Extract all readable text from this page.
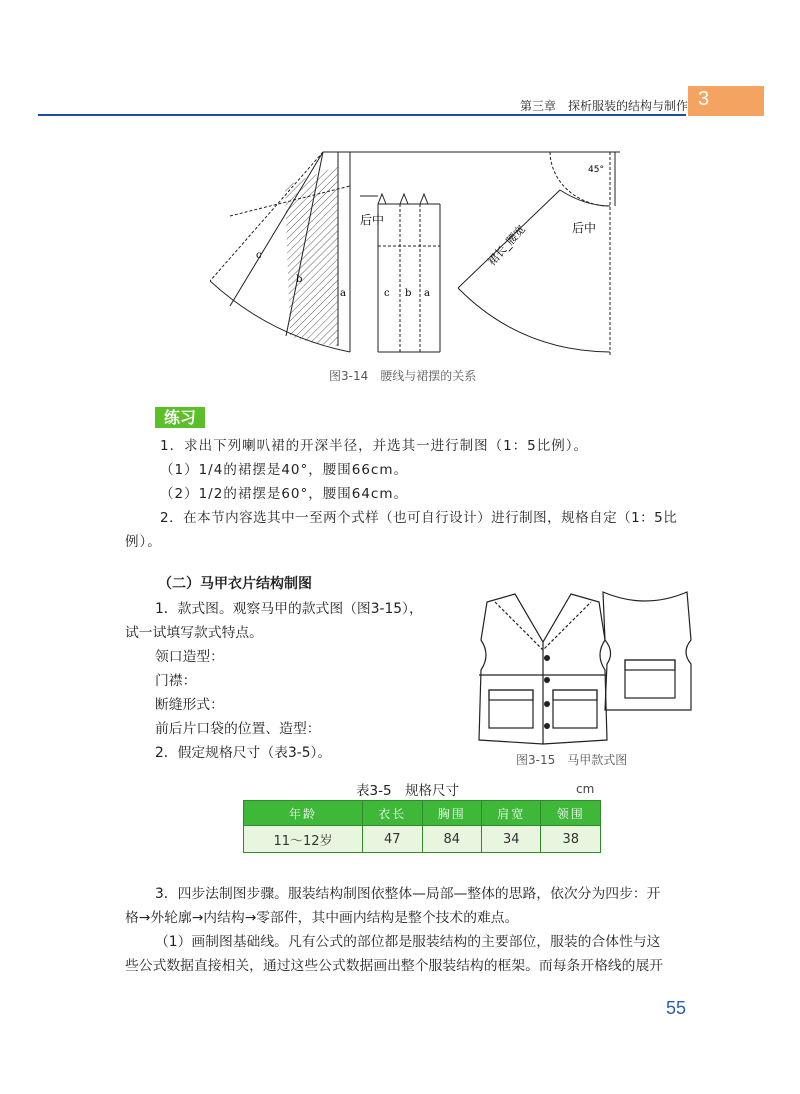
第三章　探析服装的结构与制作 3
c
b
a
后中
c b a
45°
后中
裙长_腰宽
图3-14　腰线与裙摆的关系
练习
1．求出下列喇叭裙的开深半径，并选其一进行制图（1：5比例）。
（1）1/4的裙摆是40°，腰围66cm。
（2）1/2的裙摆是60°，腰围64cm。
2．在本节内容选其中一至两个式样（也可自行设计）进行制图，规格自定（1：5比
例）。
（二）马甲衣片结构制图
1．款式图。观察马甲的款式图（图3-15），
试一试填写款式特点。
领口造型：
门襟：
断缝形式：
前后片口袋的位置、造型：
2．假定规格尺寸（表3-5）。	图3-15　马甲款式图
表3-5　规格尺寸	cm
年龄	衣长	胸围	肩宽	领围
11～12岁	47	84	34	38
3．四步法制图步骤。服装结构制图依整体—局部—整体的思路，依次分为四步：开
格→外轮廓→内结构→零部件，其中画内结构是整个技术的难点。
（1）画制图基础线。凡有公式的部位都是服装结构的主要部位，服装的合体性与这
些公式数据直接相关，通过这些公式数据画出整个服装结构的框架。而每条开格线的展开
55
